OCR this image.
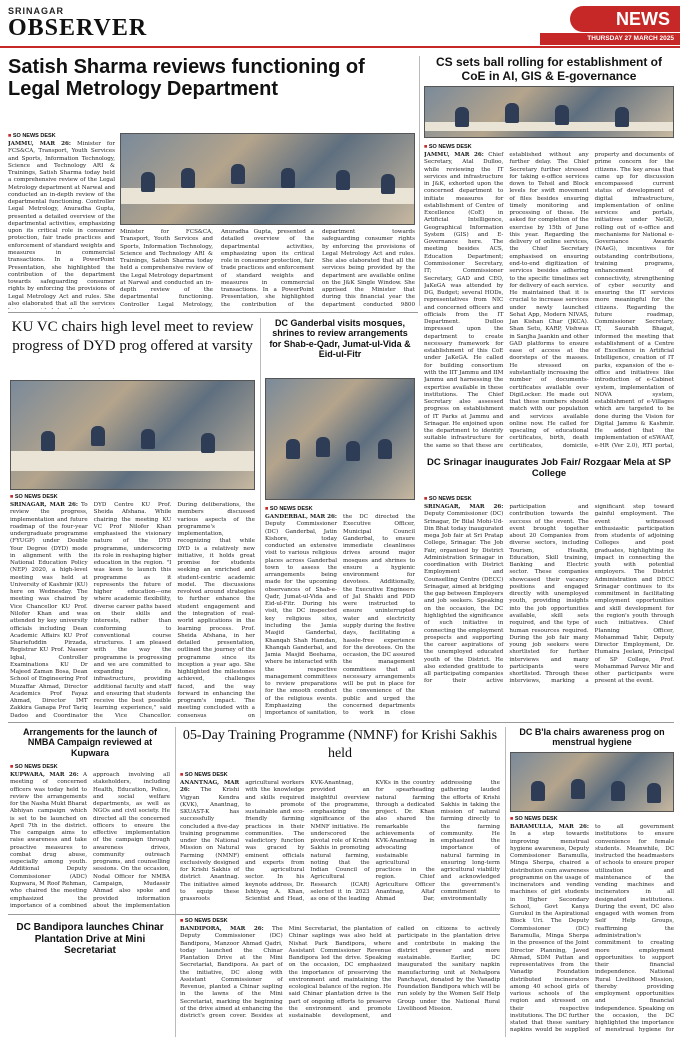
SRINAGAR
OBSERVER	NEWS
THURSDAY 27 MARCH 2025
Satish Sharma reviews functioning of Legal Metrology Department
■ SO NEWS DESK

JAMMU, MAR 26: Minister for FCS&CA, Transport, Youth Services and Sports, Information Technology, Science and Technology ARI & Trainings, Satish Sharma today held a comprehensive review of the Legal Metrology department at Narwal and conducted an in-depth review of the departmental functioning. Controller Legal Metrology, Anuradha Gupta, presented a detailed overview of the departmental activities, emphasizing upon its critical role in consumer protection, fair trade practices and enforcement of standard weights and measures in commercial transactions. In a PowerPoint Presentation, she highlighted the contribution of the department towards safeguarding consumer rights by enforcing the provisions of Legal Metrology Act and rules. She also elaborated that all the services

Minister for FCS&CA, Transport, Youth Services and Sports, Information Technology, Science and Technology ARI & Trainings, Satish Sharma today held a comprehensive review of the Legal Metrology department at Narwal and conducted an in-depth review of the departmental functioning. Controller Legal Metrology, Anuradha Gupta, presented a detailed overview of the departmental activities, emphasizing upon its critical role in consumer protection, fair trade practices and enforcement of standard weights and measures in commercial transactions. In a PowerPoint Presentation, she highlighted the contribution of the department towards safeguarding consumer rights by enforcing the provisions of Legal Metrology Act and rules. She also elaborated that all the services being provided by the department are available online on the J&K Single Window. She apprised the Minister that during this financial year the department conducted 9800

CS sets ball rolling for establishment of CoE in AI, GIS & E-governance
■ SO NEWS DESK

JAMMU, MAR 26: Chief Secretary, Atal Dulloo, while reviewing the IT services and infrastructure in J&K, exhorted upon the concerned department to initiate measures for establishment of Centre of Excellence (CoE) in Artificial Intelligence, Geographical Information System (GIS) and E-Governance here. The meeting besides ACS, Education Department; Commissioner Secretary, IT; Commissioner Secretary, GAD and CEO, JaKeGA was attended by DG, Budget; several HODs, representatives from NIC and concerned officers and officials from the IT Department. Dulloo impressed upon the department to create necessary framework for establishment of this CoE under JaKeGA. He called for building consortium with the IIT Jammu and IIM Jammu and harnessing the expertise available in these institutions. The Chief Secretary also assessed progress on establishment of IT Parks at Jammu and Srinagar. He enjoined upon the department to identify suitable infrastructure for the same so that these are established without any further delay. The Chief Secretary further stressed for taking e-office services down to Tehsil and Block levels for swift movement of files besides ensuring timely monitoring and processing of these. He asked for completion of the exercise by 15th of June this year. Regarding the delivery of online services, the Chief Secretary emphasised on ensuring end-to-end digitization of services besides adhering to the specific timelines set for delivery of each service. He maintained that it is crucial to increase services under newly launched Sehat App, Modern NIVAS, Jan Kishan Char (JKCA). Shan Setu, KARP, Vishwas in Sanjha Jaankin and other GAD platforms to ensure ease of access at the doorsteps of the masses. He stressed on substantially increasing the number of documents-certificates available over DigiLocker. He made out that these numbers should match with our population and services available online now. He called for upscaling of educational certificates, birth, death certificates, domicile, property and documents of prime concern for the citizens. The key areas that came up for discussion encompassed current status of development of digital infrastructure, implementation of online services and portals, initiatives under NeGD, rolling out of e-office and mechanisms for National e-Governance Awards (NAeG), incentives for outstanding contributions, training programs, enhancement of connectivity, strengthening of cyber security and ensuring the IT services more meaningful for the citizens. Regarding the future roadmap, Commissioner Secretary, IT, Saurabh Bhagat, informed the meeting that establishment of a Centre of Excellence in Artificial Intelligence, creation of IT parks, expansion of the e-office and initiatives like introduction of e-Cabinet system, implementation of NOVA system, establishment of e-Villages which are targeted to be done during the Vision for Digital Jammu & Kashmir. He added that the implementation of eSWAAT, e-HR (Ver 2.0), RTI portal,

KU VC chairs high level meet to review progress of DYD prog offered at varsity
■ SO NEWS DESK

SRINAGAR, MAR 26: To review the progress, implementation and future roadmap of the four-year undergraduate programme (FYUGP) under Double Your Degree (DYD) mode in alignment with the National Education Policy (NEP) 2020, a high-level meeting was held at University of Kashmir (KU) here on Wednesday. The meeting was chaired by Vice Chancellor KU Prof. Nilofer Khan and was attended by key university officials including Dean Academic Affairs KU Prof Shariefuddin Pirzada, Registrar KU Prof. Naseer Iqbal, Controller Examinations KU Dr Majeed Zaman Bosa, Dean School of Engineering Prof Muzaffar Ahmad, Director Academics Prof Fayaz Ahmad, Director IMT Zakkira Ganapa Prof Tariq Dadoo and Coordinator DYD Centre KU Prof. Sheida Afshana. While chairing the meeting KU VC Prof Nilofer Khan emphasised the visionary nature of the DYD programme, underscoring its role in reshaping higher education in the region. "I was keen to launch this programme as it represents the future of higher education—one where academic flexibility, diverse career paths based on their skills and interests, rather than conforming to conventional course structures. I am pleased with the way the programme is progressing and we are committed to expanding its infrastructure, providing additional faculty and staff and ensuring that students receive the best possible learning experience," said the Vice Chancellor. During deliberations, the members discussed various aspects of the programme's implementation, recognizing that while DYD is a relatively new initiative, it holds great promise for students seeking an enriched and student-centric academic model. The discussions revolved around strategies to further enhance the student engagement and the integration of real-world applications in the learning process. Prof. Sheida Afshana, in her detailed presentation, outlined the journey of the programme since its inception a year ago. She highlighted the milestones achieved, challenges faced, and the way forward in enhancing the program's impact. The meeting concluded with a consensus on

DC Ganderbal visits mosques, shrines to review arrangements for Shab-e-Qadr, Jumat-ul-Vida & Eid-ul-Fitr
■ SO NEWS DESK

GANDERBAL, MAR 26: Deputy Commissioner (DC) Ganderbal, Jatin Kishore, today conducted an extensive visit to various religious places across Ganderbal town to assess the arrangements being made for the upcoming observances of Shab-e-Qadr, Jumat-ul-Vida and Eid-ul-Fitr. During his visit, the DC inspected key religious sites, including the Jamia Masjid Ganderbal, Khanqah Shah Hamdan, Khanqah Ganderbal, and Jamia Masjid Beehama, where he interacted with the respective management committees to review preparations for the smooth conduct of the religious events. Emphasizing the importance of sanitation, the DC directed the Executive Officer, Municipal Council Ganderbal, to ensure immediate cleanliness drives around major mosques and shrines to ensure a hygienic environment for devotees. Additionally, the Executive Engineers of Jal Shakti and PDD were instructed to ensure uninterrupted water and electricity supply during the festive days, facilitating a hassle-free experience for the devotees. On the occasion, the DC assured the management committees that all necessary arrangements will be put in place for the convenience of the public and urged the concerned departments to work in close

DC Srinagar inaugurates Job Fair/ Rozgaar Mela at SP College
■ SO NEWS DESK

SRINAGAR, MAR 26: Deputy Commissioner (DC) Srinagar, Dr Bilal Mohi-Ud-Din Bhat today inaugurated mega Job fair at Sri Pratap College, Srinagar. The Job Fair, organised by District Administration Srinagar in coordination with District Employment and Counselling Centre (DECC) Srinagar, aimed at bridging the gap between Employers and job seekers. Speaking on the occasion, the DC highlighted the significance of such initiative in connecting the employment prospects and supporting the career aspirations of the unemployed educated youth of the District. He also extended gratitude to all participating companies for their active participation and contribution towards the success of the event. The event brought together about 20 Companies from diverse sectors, including Tourism, Health, Education, Skill training, Banking and Electric sector. These companies showcased their vacancy positions and engaged directly with unemployed youth, providing insights into the job opportunities available, skill sets required, and the type of human resources required. During the job fair many young job seekers were shortlisted for further interviews and many participants were shortlisted. Through these interviews, marking a significant step toward gainful employment. The event witnessed enthusiastic participation from students of adjoining Colleges and post graduates, highlighting its impact in connecting the youth with potential employers. The District Administration and DECC Srinagar continues to its commitment in facilitating employment opportunities and skill development for the region's youth through such initiatives. Chief Planning Officer, Mohammad Tahir, Deputy Director Employment, Dr. Humaira Jeelani, Principal of SP College, Prof. Mohammad Parvez Mir and other participants were present at the event.

Arrangements for the launch of NMBA Campaign reviewed at Kupwara
■ SO NEWS DESK

KUPWARA, MAR 26: A meeting of concerned officers was today held to review the arrangements for the Nasha Mukt Bharat Abhiyan campaign which is set to be launched on April 7th in the district. The campaign aims to raise awareness and take proactive measures to combat drug abuse, especially among youth. Additional Deputy Commissioner (ADC) Kupwara, M Roof Rehman, who chaired the meeting emphasized the importance of a combined approach involving all stakeholders, including Health, Education, Police, and social welfare departments, as well as NGOs and civil society. He directed all the concerned officers to ensure the effective implementation of the campaign through awareness drives, community outreach programs, and counselling sessions. On the occasion, Nodal Officer for NMBA Campaign, Mudassir Ahmad also spoke and provided information about the implementation

05-Day Training Programme (NMNF) for Krishi Sakhis held
■ SO NEWS DESK

ANANTNAG, MAR 26: The Krishi Vigyan Kendra (KVK), Anantnag, SKUAST-K has successfully concluded a five-day training programme under the National Mission on Natural Farming (NMNF) exclusively designed for Krishi Sakhis of district Anantnag. The initiative aimed to equip these grassroots agricultural workers with the knowledge and skills required to promote sustainable and eco-friendly farming practices in their communities. The valedictory function was graced by eminent officials and experts from the agricultural sector. In his keynote address, Dr. Ishtiyaq A. Khan, Scientist and Head, KVK-Anantnag, provided an insightful overview of the programme, emphasizing the significance of the NMNF initiative. He underscored the pivotal role of Krishi Sakhis in promoting natural farming, noting that the Indian Council of Agricultural Research (ICAR) selected it in 2023 as one of the leading KVKs in the country for spearheading natural farming through a dedicated project. Dr. Khan also shared the remarkable achievements of KVK-Anantnag in advocating sustainable agricultural practices in the region. Chief Agriculture Officer Anantnag, Altaf Ahmad Dar, addressing the gathering lauded the efforts of Krishi Sakhis in taking the mission of natural farming directly to the farming community. He emphasized the importance of natural farming in ensuring long-term agricultural viability and acknowledged the government's commitment to environmentally

DC Bandipora launches Chinar Plantation Drive at Mini Secretariat
■ SO NEWS DESK

BANDIPORA, MAR 26: The Deputy Commissioner (DC) Bandipora, Manzoor Ahmad Qadri, today launched the Chinar Plantation Drive at the Mini Secretariat, Bandipora. As part of the initiative, DC along with Assistant Commissioner of Revenue, planted a Chinar sapling in the lawns of the Mini Secretariat, marking the beginning of the drive aimed at enhancing the district's green cover. Besides at Mini Secretariat, the plantation of Chinar saplings was also held at Nishat Park Bandipora, where Assistant Commissioner Revenue Bandipora led the drive. Speaking on the occasion, DC emphasized the importance of preserving the environment and maintaining the ecological balance of the region. He said Chinar plantation drive is the part of ongoing efforts to preserve the environment and promote sustainable development, and called on citizens to actively participate in the plantation drive and contribute in making the district greener and more sustainable. Earlier, DC inaugurated the sanitary napkin manufacturing unit at Nehalpora Panchayat, donated by the Vanadip Foundation Bandipora which will be run solely by the Women Self Help Group under the National Rural Livelihood Mission.

DC B'la chairs awareness prog on menstrual hygiene
■ SO NEWS DESK

BARAMULLA, MAR 26: In a step towards improving menstrual hygiene awareness, Deputy Commissioner Baramulla, Minga Sherpa, chaired a distribution cum awareness programme on the usage of incinerators and vending machines of girl students in Higher Secondary School, Govt Kanya Gurukul in the Aspirational Block Uri. The Deputy Commissioner (DC) Baramulla, Minga Sherpa in the presence of the Joint Director Planning, Javed Ahmad, SDM Pattan and representatives from the Vanadip Foundation distributed incinerators among 40 school girls of various schools of the region and stressed on their respective institutions. The DC further stated that these sanitary napkins would be supplied to all government institutions to ensure convenience for female students. Meanwhile, DC instructed the headmasters of schools to ensure proper utilization and maintenance of the vending machines and incinerators in all designated institutions. During the event, DC also engaged with women from Self Help Groups, reaffirming the administration's commitment to creating more employment opportunities to support their financial independence. National Rural Livelihood Mission, thereby providing employment opportunities and financial independence. Speaking on the occasion, the DC highlighted the importance of menstrual hygiene for
